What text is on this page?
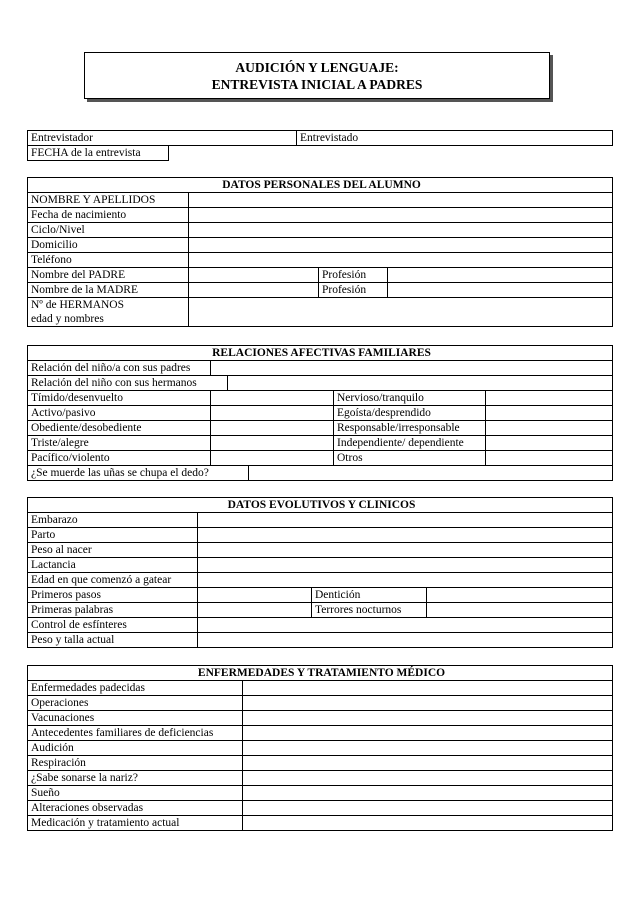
AUDICIÓN Y LENGUAJE:
ENTREVISTA INICIAL A PADRES
Entrevistador		Entrevistado
FECHA de la entrevista		
DATOS PERSONALES DEL ALUMNO			
NOMBRE Y APELLIDOS			
Fecha de nacimiento			
Ciclo/Nivel			
Domicilio			
Teléfono			
Nombre del PADRE		Profesión	
Nombre de la MADRE		Profesión	

Nº de HERMANOS
edad y nombres			

RELACIONES AFECTIVAS FAMILIARES					
Relación del niño/a con sus padres					
Relación del niño con sus hermanos					
Tímido/desenvuelto				Nervioso/tranquilo	
Activo/pasivo				Egoísta/desprendido	
Obediente/desobediente				Responsable/irresponsable	
Triste/alegre				Independiente/ dependiente	
Pacífico/violento				Otros	
¿Se muerde las uñas se chupa el dedo?					
DATOS EVOLUTIVOS Y CLINICOS			
Embarazo			
Parto			
Peso al nacer			
Lactancia			
Edad en que comenzó a gatear			
Primeros pasos		Dentición	
Primeras palabras		Terrores nocturnos	
Control de esfínteres			
Peso y talla actual			
ENFERMEDADES Y TRATAMIENTO MÉDICO	
Enfermedades padecidas	
Operaciones	
Vacunaciones	
Antecedentes familiares de deficiencias	
Audición	
Respiración	
¿Sabe sonarse la nariz?	
Sueño	
Alteraciones observadas	
Medicación y tratamiento actual	
